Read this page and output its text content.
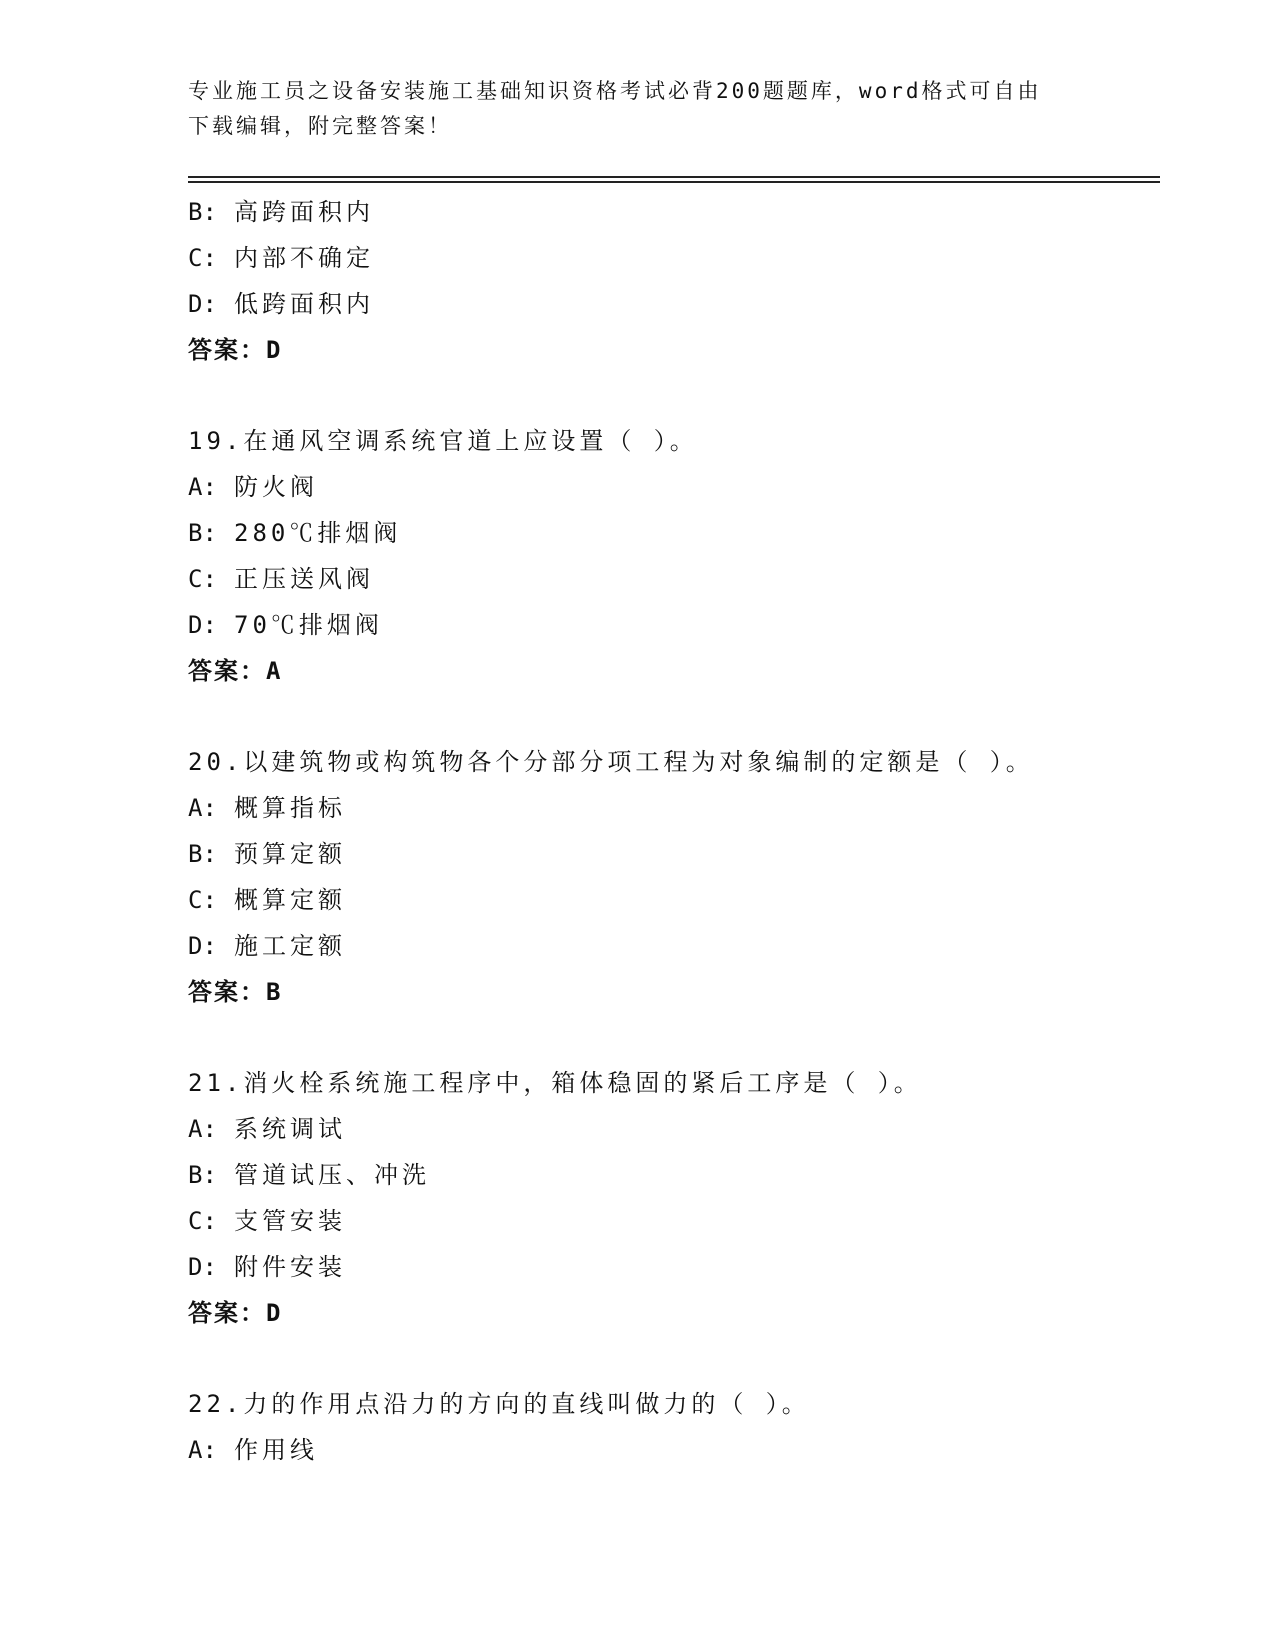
专业施工员之设备安装施工基础知识资格考试必背200题题库，word格式可自由
下载编辑，附完整答案！
B: 高跨面积内
C: 内部不确定
D: 低跨面积内
答案：D
19.在通风空调系统官道上应设置（ ）。
A: 防火阀
B: 280℃排烟阀
C: 正压送风阀
D: 70℃排烟阀
答案：A
20.以建筑物或构筑物各个分部分项工程为对象编制的定额是（ ）。
A: 概算指标
B: 预算定额
C: 概算定额
D: 施工定额
答案：B
21.消火栓系统施工程序中，箱体稳固的紧后工序是（ ）。
A: 系统调试
B: 管道试压、冲洗
C: 支管安装
D: 附件安装
答案：D
22.力的作用点沿力的方向的直线叫做力的（ ）。
A: 作用线
